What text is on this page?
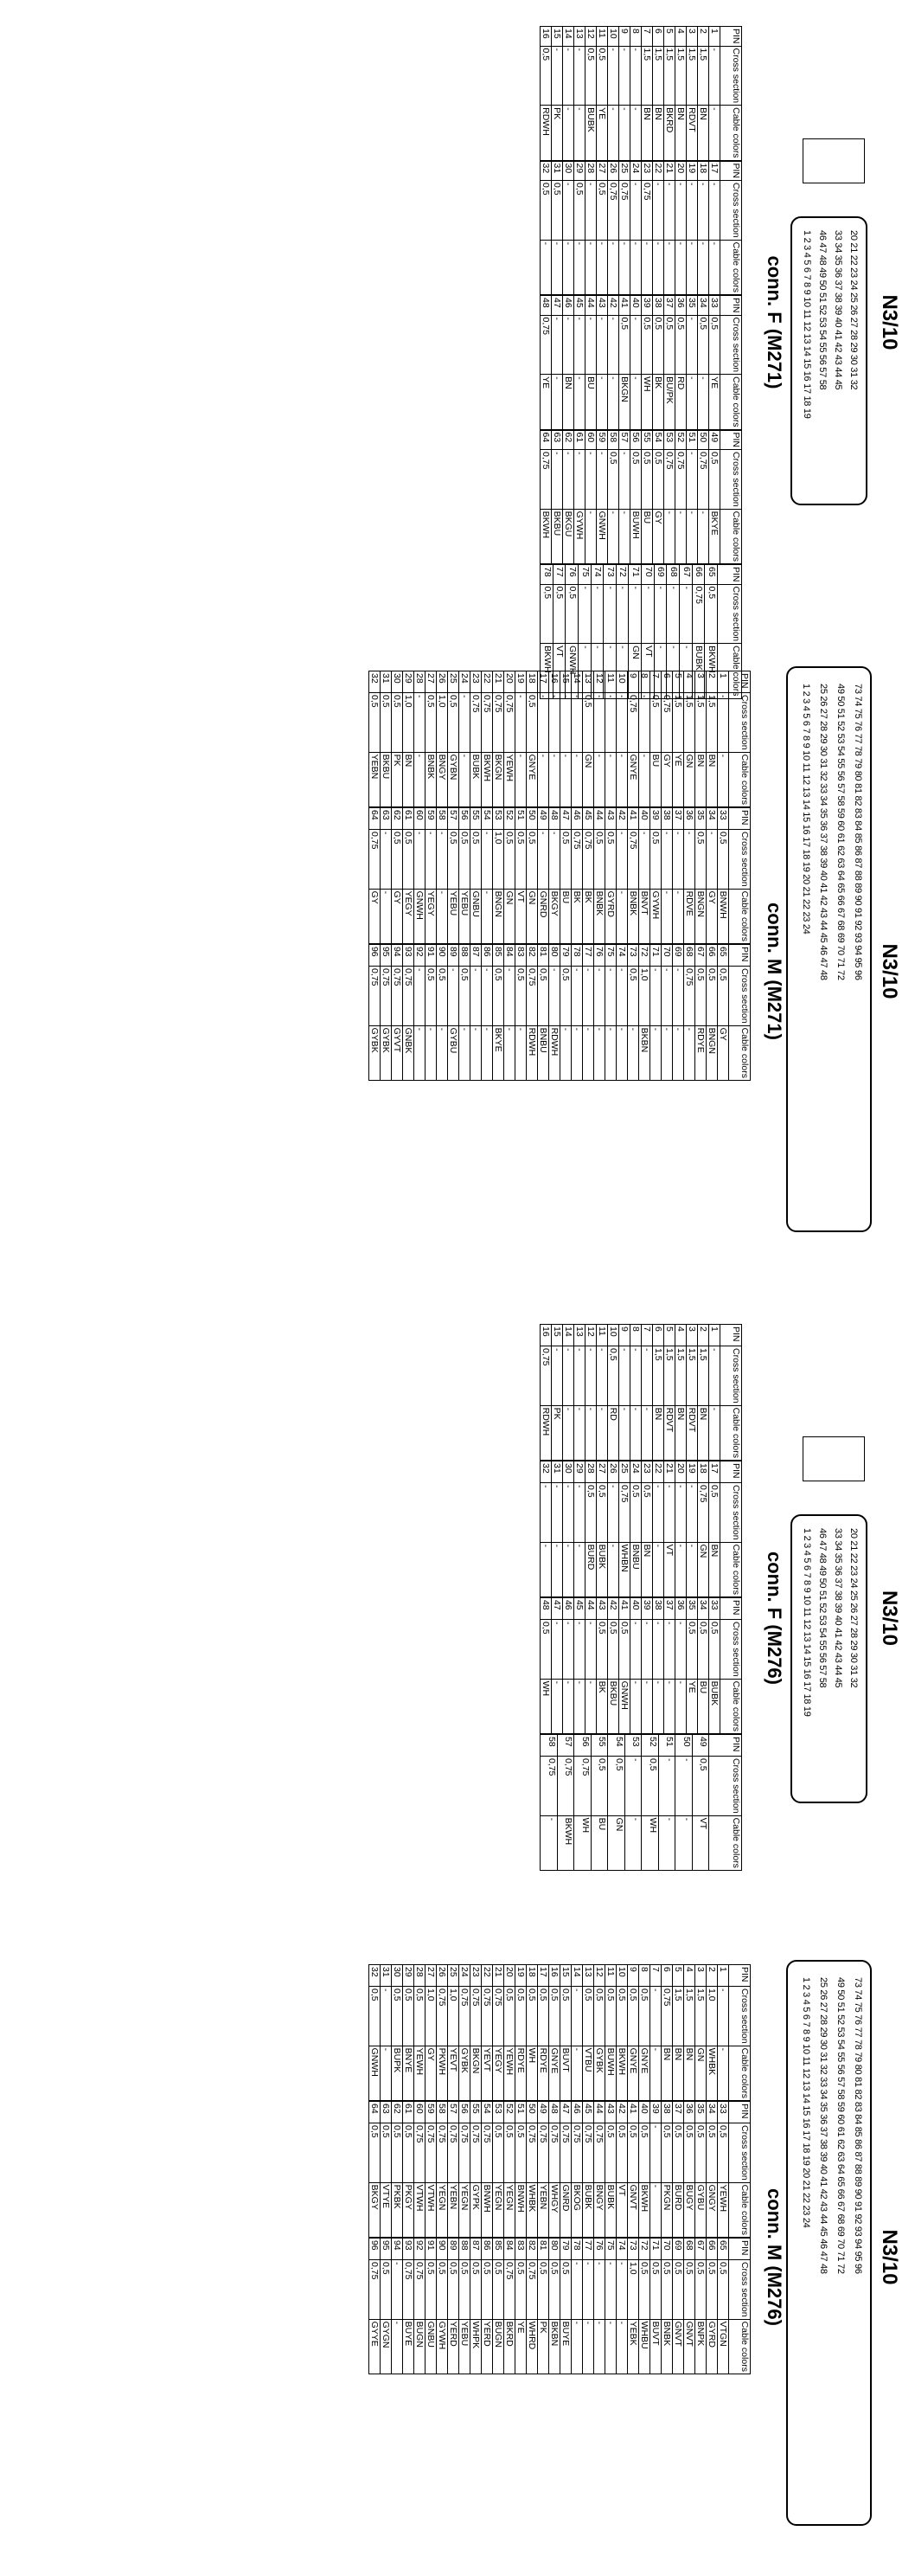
N3/10
conn. F (M271)	20 21 22 23 24 25 26 27 28 29 30 31 32
33 34 35 36 37 38 39 40 41 42 43 44 45
46 47 48 49 50 51 52 53 54 55 56 57 58
1 2 3 4 5 6 7 8 9 10 11 12 13 14 15 16 17 18 19
PIN	Cross section	Cable colors
1	-	-
2	1,5	BN
3	1,5	RDVT
4	1,5	BN
5	1,5	BKRD
6	1,5	BN
7	1,5	BN
8	-	-
9	-	-
10	-	-
11	0,5	YE
12	0,5	BUBK
13	-	-
14	-	-
15	-	PK
16	0,5	RDWH
PIN	Cross section	Cable colors
17	-	-
18	-	-
19	-	-
20	-	-
21	-	-
22	-	-
23	0,75	-
24	-	-
25	0,75	-
26	0,75	-
27	0,5	-
28	-	-
29	0,5	-
30	-	-
31	0,5	-
32	0,5	-
PIN	Cross section	Cable colors
33	0,5	YE
34	0,5	-
35	-	-
36	0,5	RD
37	0,5	BU/PK
38	0,5	BK
39	0,5	WH
40	-	-
41	0,5	BKGN
42	-	-
43	-	-
44	-	BU
45	-	-
46	-	BN
47	-	-
48	0,75	YE
PIN	Cross section	Cable colors
49	0,5	BKYE
50	0,75	-
51	-	-
52	0,75	-
53	0,75	-
54	0,5	GY
55	0,5	BU
56	0,5	BUWH
57	-	-
58	0,5	-
59	-	GNWH
60	-	-
61	-	GYWH
62	-	BKGU
63	-	BKBU
64	0,75	BKWH
PIN	Cross section	Cable colors
65	0,5	BKWH
66	0,75	BUBK
67	-	-
68	-	-
69	-	-
70	-	VT
71	-	GN
72	-	-
73	-	-
74	-	-
75	-	-
76	0,5	GNWH
77	0,5	VT
78	0,5	BKWH
N3/10
conn. M (M271)	73 74 75 76 77 78 79 80 81 82 83 84 85 86 87 88 89 90 91 92 93 94 95 96
49 50 51 52 53 54 55 56 57 58 59 60 61 62 63 64 65 66 67 68 69 70 71 72
25 26 27 28 29 30 31 32 33 34 35 36 37 38 39 40 41 42 43 44 45 46 47 48
1 2 3 4 5 6 7 8 9 10 11 12 13 14 15 16 17 18 19 20 21 22 23 24
PIN	Cross section	Cable colors
1	-	-
2	1,5	BN
3	1,5	BN
4	1,5	GN
5	1,5	YE
6	0,75	GY
7	0,5	BU
8	-	-
9	0,75	GNYE
10	-	-
11	-	-
12	-	-
13	0,5	GN
14	-	-
15	-	-
16	-	-
17	-	-
18	0,5	GNYE
19	-	-
20	0,75	YEWH
21	0,75	BKGN
22	0,75	BKWH
23	0,75	BUBK
24	-	-
25	0,5	GYBN
26	1,0	BNGY
27	0,5	BNBK
28	-	-
29	1,0	BN
30	0,5	PK
31	0,5	BKBU
32	0,5	YEBN
PIN	Cross section	Cable colors
33	0,5	BNWH
34	-	GY
35	0,5	BNGN
36	-	RDVE
37	-	-
38	-	-
39	0,5	GYWH
40	-	BNVT
41	0,75	BNBK
42	-	-
43	0,5	GYRD
44	0,5	BNBK
45	0,75	BK
46	0,75	BK
47	0,5	BU
48	-	BKGY
49	-	GNRD
50	0,5	GN
51	0,5	VT
52	0,5	GN
53	1,0	BNGN
54	-	-
55	0,5	GNBU
56	0,5	YEBU
57	0,5	YEBU
58	-	-
59	-	YEGY
60	-	GNWH
61	0,5	YEGY
62	0,5	GY
63	-	-
64	0,75	GY
PIN	Cross section	Cable colors
65	0,5	GY
66	0,5	BNGN
67	0,5	RDYE
68	0,75	-
69	-	-
70	-	-
71	-	-
72	1,0	BKBN
73	0,5	-
74	-	-
75	-	-
76	-	-
77	-	-
78	-	-
79	0,5	-
80	-	RDWH
81	0,5	BNBU
82	0,75	RDWH
83	0,5	-
84	-	-
85	0,5	BKYE
86	-	-
87	-	-
88	0,5	-
89	-	GYBU
90	0,5	-
91	0,5	-
92	-	-
93	0,75	GNBK
94	0,75	GYVT
95	0,75	GYBK
96	0,75	GYBK
N3/10
conn. F (M276)	20 21 22 23 24 25 26 27 28 29 30 31 32
33 34 35 36 37 38 39 40 41 42 43 44 45
46 47 48 49 50 51 52 53 54 55 56 57 58
1 2 3 4 5 6 7 8 9 10 11 12 13 14 15 16 17 18 19
PIN	Cross section	Cable colors
1	-	-
2	1,5	BN
3	1,5	RDVT
4	1,5	BN
5	1,5	RDVT
6	1,5	BN
7	-	-
8	-	-
9	-	-
10	0,5	RD
11	-	-
12	-	-
13	-	-
14	-	-
15	-	PK
16	0,75	RDWH
PIN	Cross section	Cable colors
17	0,5	BN
18	0,75	GN
19	-	-
20	-	-
21	-	VT
22	-	-
23	0,5	BN
24	0,5	BNBU
25	0,75	WHBN
26	-	-
27	0,5	BUBK
28	0,5	BURD
29	-	-
30	-	-
31	-	-
32	-	-
PIN	Cross section	Cable colors
33	0,5	BUBK
34	0,5	BU
35	0,5	YE
36	-	-
37	-	-
38	-	-
39	-	-
40	-	-
41	0,5	GNWH
42	0,5	BKBU
43	0,5	BK
44	-	-
45	-	-
46	-	-
47	-	-
48	0,5	WH
PIN	Cross section	Cable colors
49	0,5	VT
50	-	-
51	-	-
52	0,5	WH
53	-	-
54	0,5	GN
55	0,5	BU
56	0,75	WH
57	0,75	BKWH
58	0,75	-
N3/10
conn. M (M276)	73 74 75 76 77 78 79 80 81 82 83 84 85 86 87 88 89 90 91 92 93 94 95 96
49 50 51 52 53 54 55 56 57 58 59 60 61 62 63 64 65 66 67 68 69 70 71 72
25 26 27 28 29 30 31 32 33 34 35 36 37 38 39 40 41 42 43 44 45 46 47 48
1 2 3 4 5 6 7 8 9 10 11 12 13 14 15 16 17 18 19 20 21 22 23 24
PIN	Cross section	Cable colors
1	-	-
2	1,0	WHBK
3	1,5	GN
4	1,5	BN
5	1,5	BN
6	0,75	BN
7	-	-
8	0,5	GNYE
9	0,5	GNYE
10	0,5	BKWH
11	0,5	BUWH
12	0,5	GYBK
13	0,5	VTBU
14	-	-
15	0,5	BUVT
16	0,5	GNYE
17	0,5	RDYE
18	0,5	WH
19	0,5	RDYE
20	0,5	YEWH
21	0,75	YEGY
22	0,75	YEVT
23	0,75	BKGN
24	0,75	GYBK
25	1,0	YEVT
26	0,75	PKWH
27	1,0	GY
28	0,5	YEWH
29	0,5	BNYE
30	0,5	BUPK
31	-	-
32	0,5	GNWH
PIN	Cross section	Cable colors
33	0,5	YEWH
34	0,5	GNGY
35	0,5	GYBU
36	0,5	BUGY
37	0,5	BURD
38	0,5	PKGN
39	-	-
40	0,5	BKWH
41	0,5	GNVT
42	0,5	VT
43	0,5	BUBK
44	0,75	BNGY
45	0,75	BUBK
46	0,75	BKOG
47	0,75	GNRD
48	0,75	WHGY
49	0,75	YEBN
50	0,75	WHBK
51	0,5	BNWH
52	0,5	YEGN
53	0,5	YEGN
54	0,75	BNWH
55	0,75	GYPK
56	0,75	YEGN
57	0,75	YEBN
58	0,75	YEGN
59	0,75	VTWH
60	0,75	VTWH
61	0,5	PKGY
62	0,5	PKBK
63	0,5	VTYE
64	0,5	BKGY
PIN	Cross section	Cable colors
65	0,5	VTGN
66	0,5	GYRD
67	0,5	BNPK
68	0,5	GNVT
69	0,5	GNVT
70	0,5	BNBK
71	0,5	BUVT
72	0,5	WHBU
73	1,0	YEBK
74	-	-
75	-	-
76	-	-
77	-	-
78	-	-
79	0,5	BUYE
80	0,5	BKBN
81	0,5	PK
82	0,75	WHRD
83	0,5	YE
84	0,75	BKRD
85	0,5	BUGN
86	0,5	YERD
87	0,5	WHPK
88	0,5	YEBU
89	0,5	YERD
90	0,5	GYWH
91	0,5	GNBU
92	0,75	BUGN
93	0,75	BUYE
94	-	-
95	0,5	GYGN
96	0,75	GYYE
